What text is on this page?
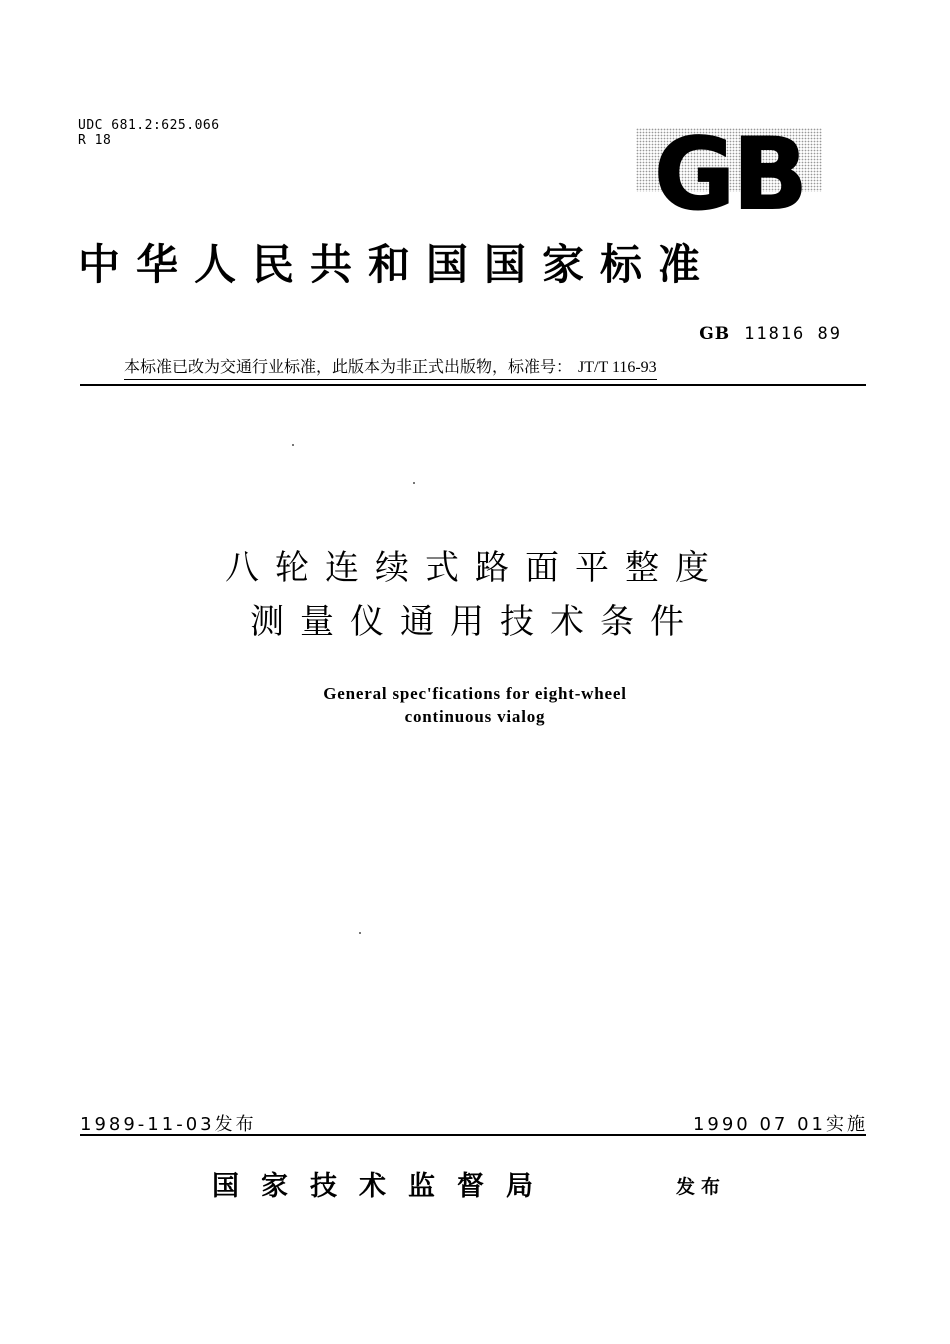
UDC 681.2:625.066
R 18	GB
中华人民共和国国家标准
GB 11816 89
本标准已改为交通行业标准，此版本为非正式出版物，标准号： JT/T 116-93
八轮连续式路面平整度
测量仪通用技术条件
General spec'fications for eight-wheel
continuous vialog
1989-11-03发布	1990 07 01实施
国家技术监督局	发布
